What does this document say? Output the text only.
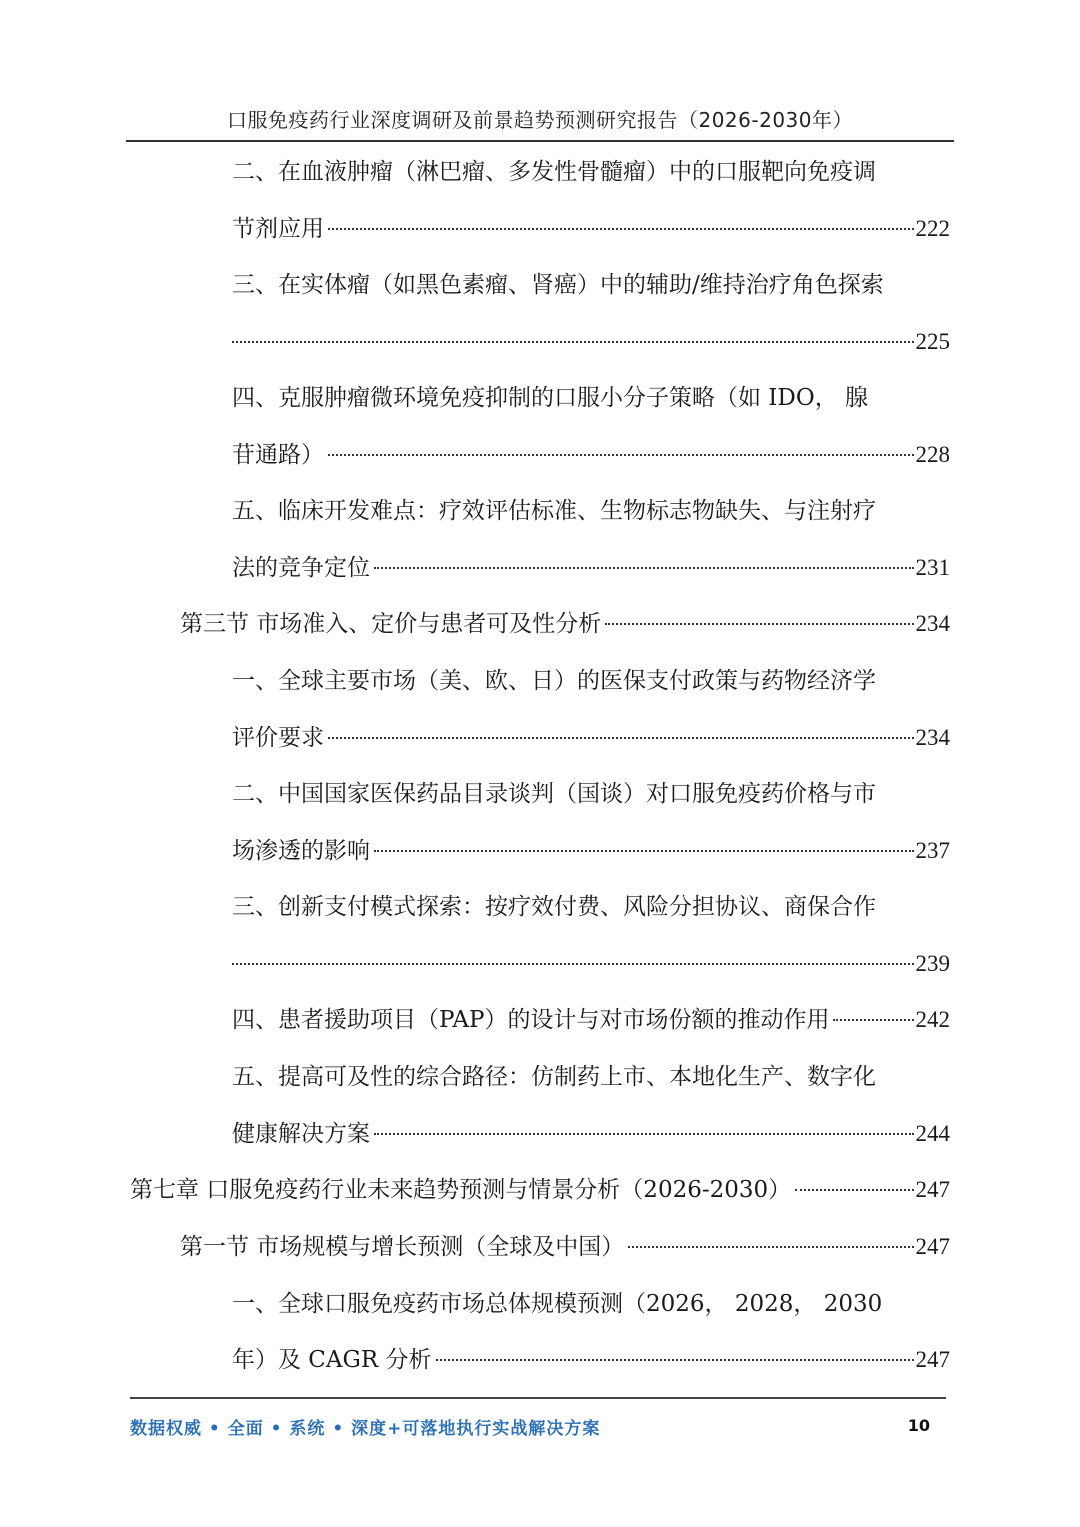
口服免疫药行业深度调研及前景趋势预测研究报告（2026-2030年）
二、在血液肿瘤（淋巴瘤、多发性骨髓瘤）中的口服靶向免疫调
节剂应用	222
三、在实体瘤（如黑色素瘤、肾癌）中的辅助/维持治疗角色探索
225
四、克服肿瘤微环境免疫抑制的口服小分子策略（如 IDO， 腺
苷通路）	228
五、临床开发难点：疗效评估标准、生物标志物缺失、与注射疗
法的竞争定位	231
第三节 市场准入、定价与患者可及性分析	234
一、全球主要市场（美、欧、日）的医保支付政策与药物经济学
评价要求	234
二、中国国家医保药品目录谈判（国谈）对口服免疫药价格与市
场渗透的影响	237
三、创新支付模式探索：按疗效付费、风险分担协议、商保合作
239
四、患者援助项目（PAP）的设计与对市场份额的推动作用	242
五、提高可及性的综合路径：仿制药上市、本地化生产、数字化
健康解决方案	244
第七章 口服免疫药行业未来趋势预测与情景分析（2026-2030）	247
第一节 市场规模与增长预测（全球及中国）	247
一、全球口服免疫药市场总体规模预测（2026， 2028， 2030
年）及 CAGR 分析	247
数据权威 • 全面 • 系统 • 深度+可落地执行实战解决方案	10
